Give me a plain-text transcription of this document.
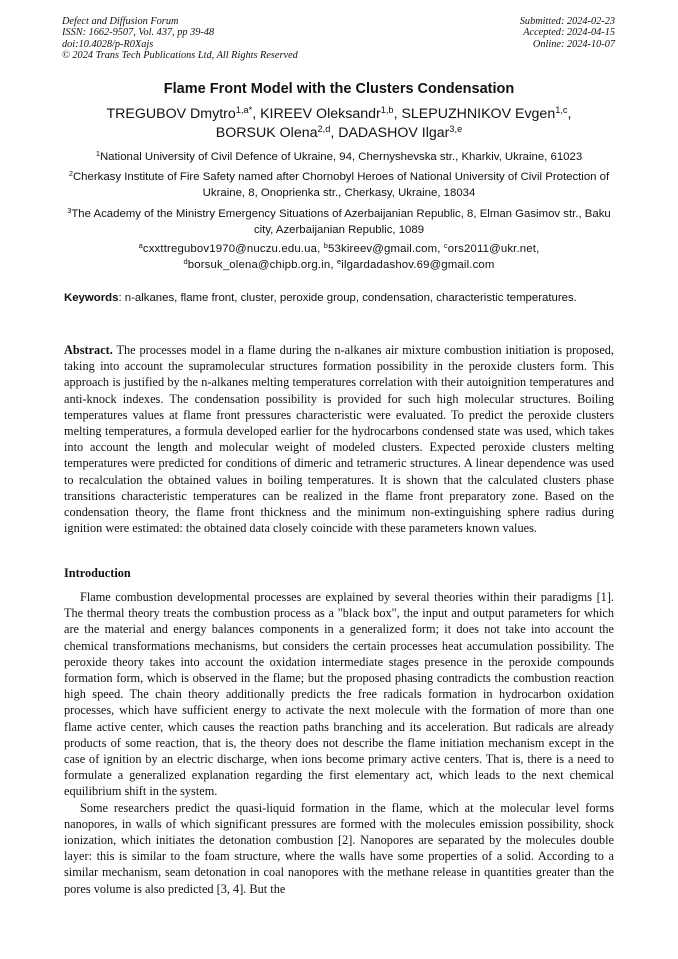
Defect and Diffusion Forum
ISSN: 1662-9507, Vol. 437, pp 39-48
doi:10.4028/p-R0Xajs
© 2024 Trans Tech Publications Ltd, All Rights Reserved
Submitted: 2024-02-23
Accepted: 2024-04-15
Online: 2024-10-07
Flame Front Model with the Clusters Condensation
TREGUBOV Dmytro$^{1,a*}$, KIREEV Oleksandr$^{1,b}$, SLEPUZHNIKOV Evgen$^{1,c}$,
BORSUK Olena$^{2,d}$, DADASHOV Ilgar$^{3,e}$
$^1$National University of Civil Defence of Ukraine, 94, Chernyshevska str., Kharkiv, Ukraine, 61023
$^2$Cherkasy Institute of Fire Safety named after Chornobyl Heroes of National University of Civil Protection of Ukraine, 8, Onoprienka str., Cherkasy, Ukraine, 18034
$^3$The Academy of the Ministry Emergency Situations of Azerbaijanian Republic, 8, Elman Gasimov str., Baku city, Azerbaijanian Republic, 1089
$^a$cxxttregubov1970@nuczu.edu.ua, $^b$53kireev@gmail.com, $^c$ors2011@ukr.net,
$^d$borsuk_olena@chipb.org.in, $^e$ilgardadashov.69@gmail.com

Keywords: n-alkanes, flame front, cluster, peroxide group, condensation, characteristic temperatures.

Abstract. The processes model in a flame during the n-alkanes air mixture combustion initiation is proposed, taking into account the supramolecular structures formation possibility in the peroxide clusters form. This approach is justified by the n-alkanes melting temperatures correlation with their autoignition temperatures and anti-knock indexes. The condensation possibility is provided for such high molecular structures. Boiling temperatures values at flame front pressures characteristic were evaluated. To predict the peroxide clusters melting temperatures, a formula developed earlier for the hydrocarbons condensed state was used, which takes into account the length and molecular weight of modeled clusters. Expected peroxide clusters melting temperatures were predicted for conditions of dimeric and tetrameric structures. A linear dependence was used to recalculation the obtained values in boiling temperatures. It is shown that the calculated clusters phase transitions characteristic temperatures can be realized in the flame front preparatory zone. Based on the condensation theory, the flame front thickness and the minimum non-extinguishing sphere radius during ignition were estimated: the obtained data closely coincide with these parameters known values.

Introduction

Flame combustion developmental processes are explained by several theories within their paradigms [1]. The thermal theory treats the combustion process as a "black box", the input and output parameters for which are the material and energy balances components in a generalized form; it does not take into account the chemical transformations mechanisms, but considers the certain processes heat accumulation possibility. The peroxide theory takes into account the oxidation intermediate stages presence in the peroxide compounds formation form, which is observed in the flame; but the proposed phasing contradicts the combustion reaction high speed. The chain theory additionally predicts the free radicals formation in hydrocarbon oxidation processes, which have sufficient energy to activate the next molecule with the formation of more than one flame active center, which causes the reaction paths branching and its acceleration. But radicals are already products of some reaction, that is, the theory does not describe the flame initiation mechanism except in the case of ignition by an electric discharge, when ions become primary active centers. That is, there is a need to formulate a generalized explanation regarding the first elementary act, which leads to the next chemical equilibrium shift in the system.

Some researchers predict the quasi-liquid formation in the flame, which at the molecular level forms nanopores, in walls of which significant pressures are formed with the molecules emission possibility, shock ionization, which initiates the detonation combustion [2]. Nanopores are separated by the molecules double layer: this is similar to the foam structure, where the walls have some properties of a solid. According to a similar mechanism, seam detonation in coal nanopores with the methane release in quantities greater than the pores volume is also predicted [3, 4]. But the
